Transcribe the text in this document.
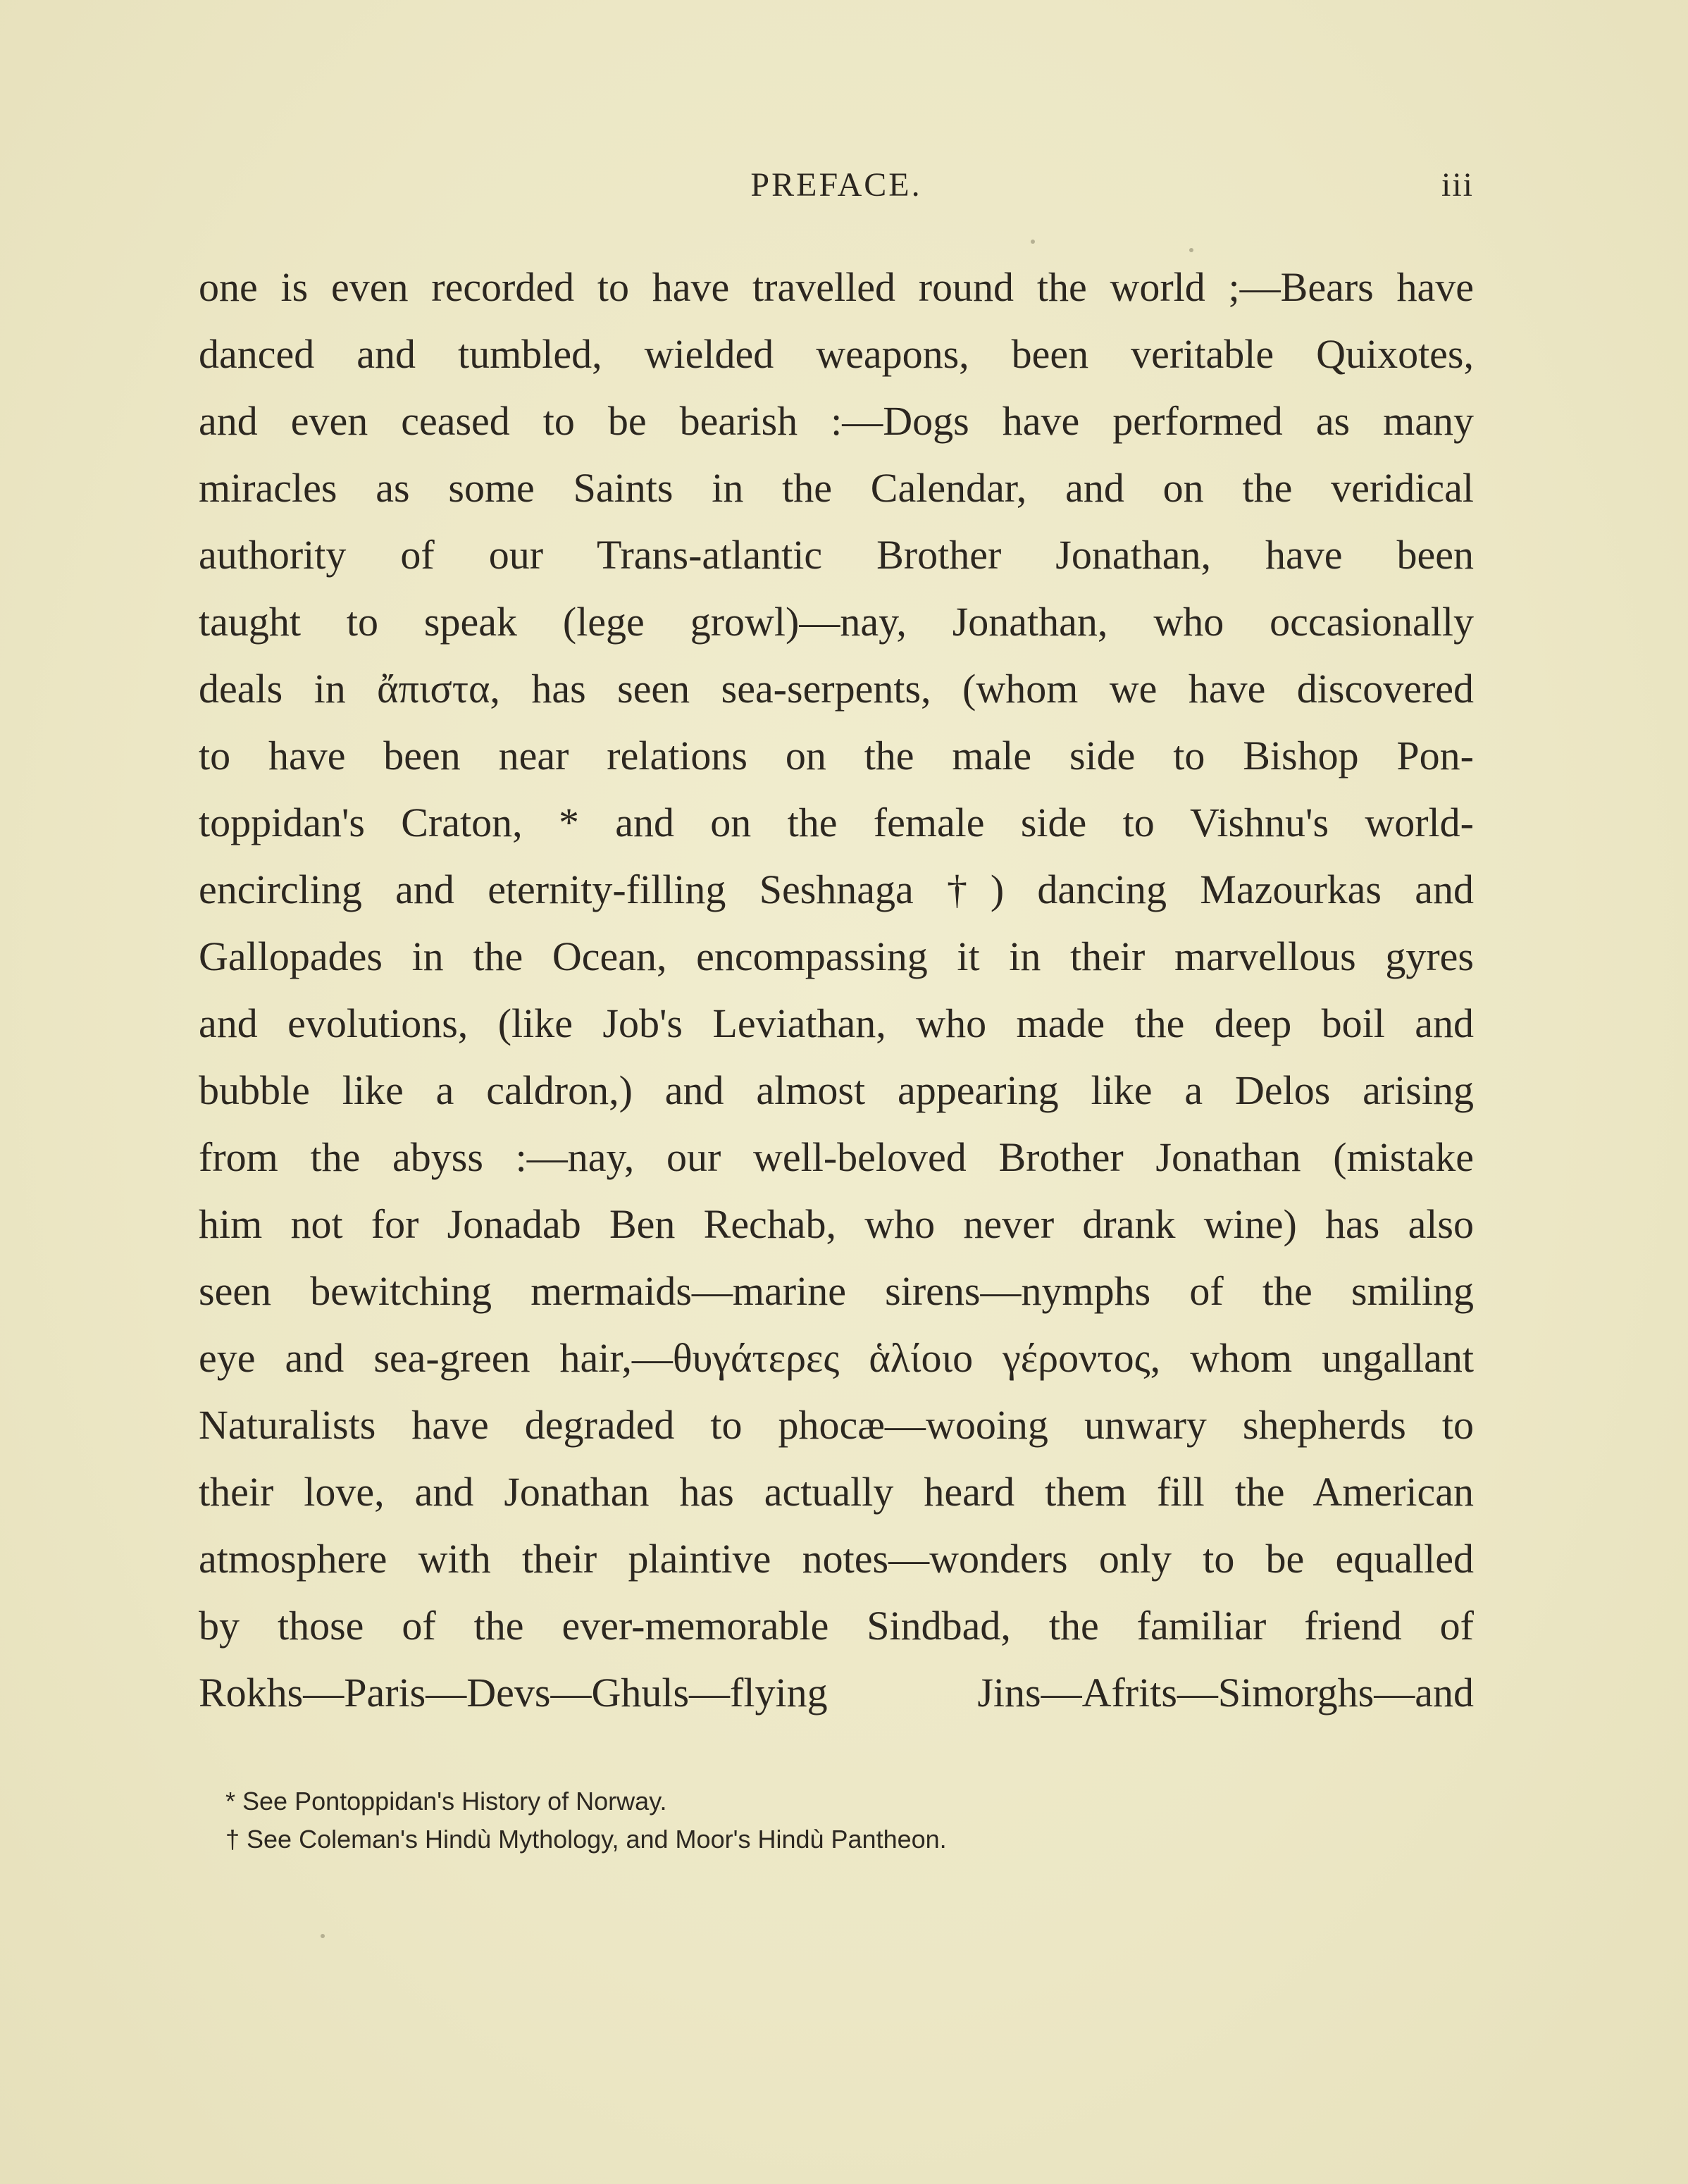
PREFACE.	iii
one is even recorded to have travelled round the world ;—Bears have
danced and tumbled, wielded weapons, been veritable Quixotes,
and even ceased to be bearish :—Dogs have performed as many
miracles as some Saints in the Calendar, and on the veridical
authority of our Trans-atlantic Brother Jonathan, have been
taught to speak (lege growl)—nay, Jonathan, who occasionally
deals in ἄπιστα, has seen sea-serpents, (whom we have discovered
to have been near relations on the male side to Bishop Pon-
toppidan's Craton, * and on the female side to Vishnu's world-
encircling and eternity-filling Seshnaga †) dancing Mazourkas and
Gallopades in the Ocean, encompassing it in their marvellous gyres
and evolutions, (like Job's Leviathan, who made the deep boil and
bubble like a caldron,) and almost appearing like a Delos arising
from the abyss :—nay, our well-beloved Brother Jonathan (mistake
him not for Jonadab Ben Rechab, who never drank wine) has also
seen bewitching mermaids—marine sirens—nymphs of the smiling
eye and sea-green hair,—θυγάτερες ἁλίοιο γέροντος, whom ungallant
Naturalists have degraded to phocæ—wooing unwary shepherds to
their love, and Jonathan has actually heard them fill the American
atmosphere with their plaintive notes—wonders only to be equalled
by those of the ever-memorable Sindbad, the familiar friend of
Rokhs—Paris—Devs—Ghuls—flying Jins—Afrits—Simorghs—and
* See Pontoppidan's History of Norway.
† See Coleman's Hindù Mythology, and Moor's Hindù Pantheon.
